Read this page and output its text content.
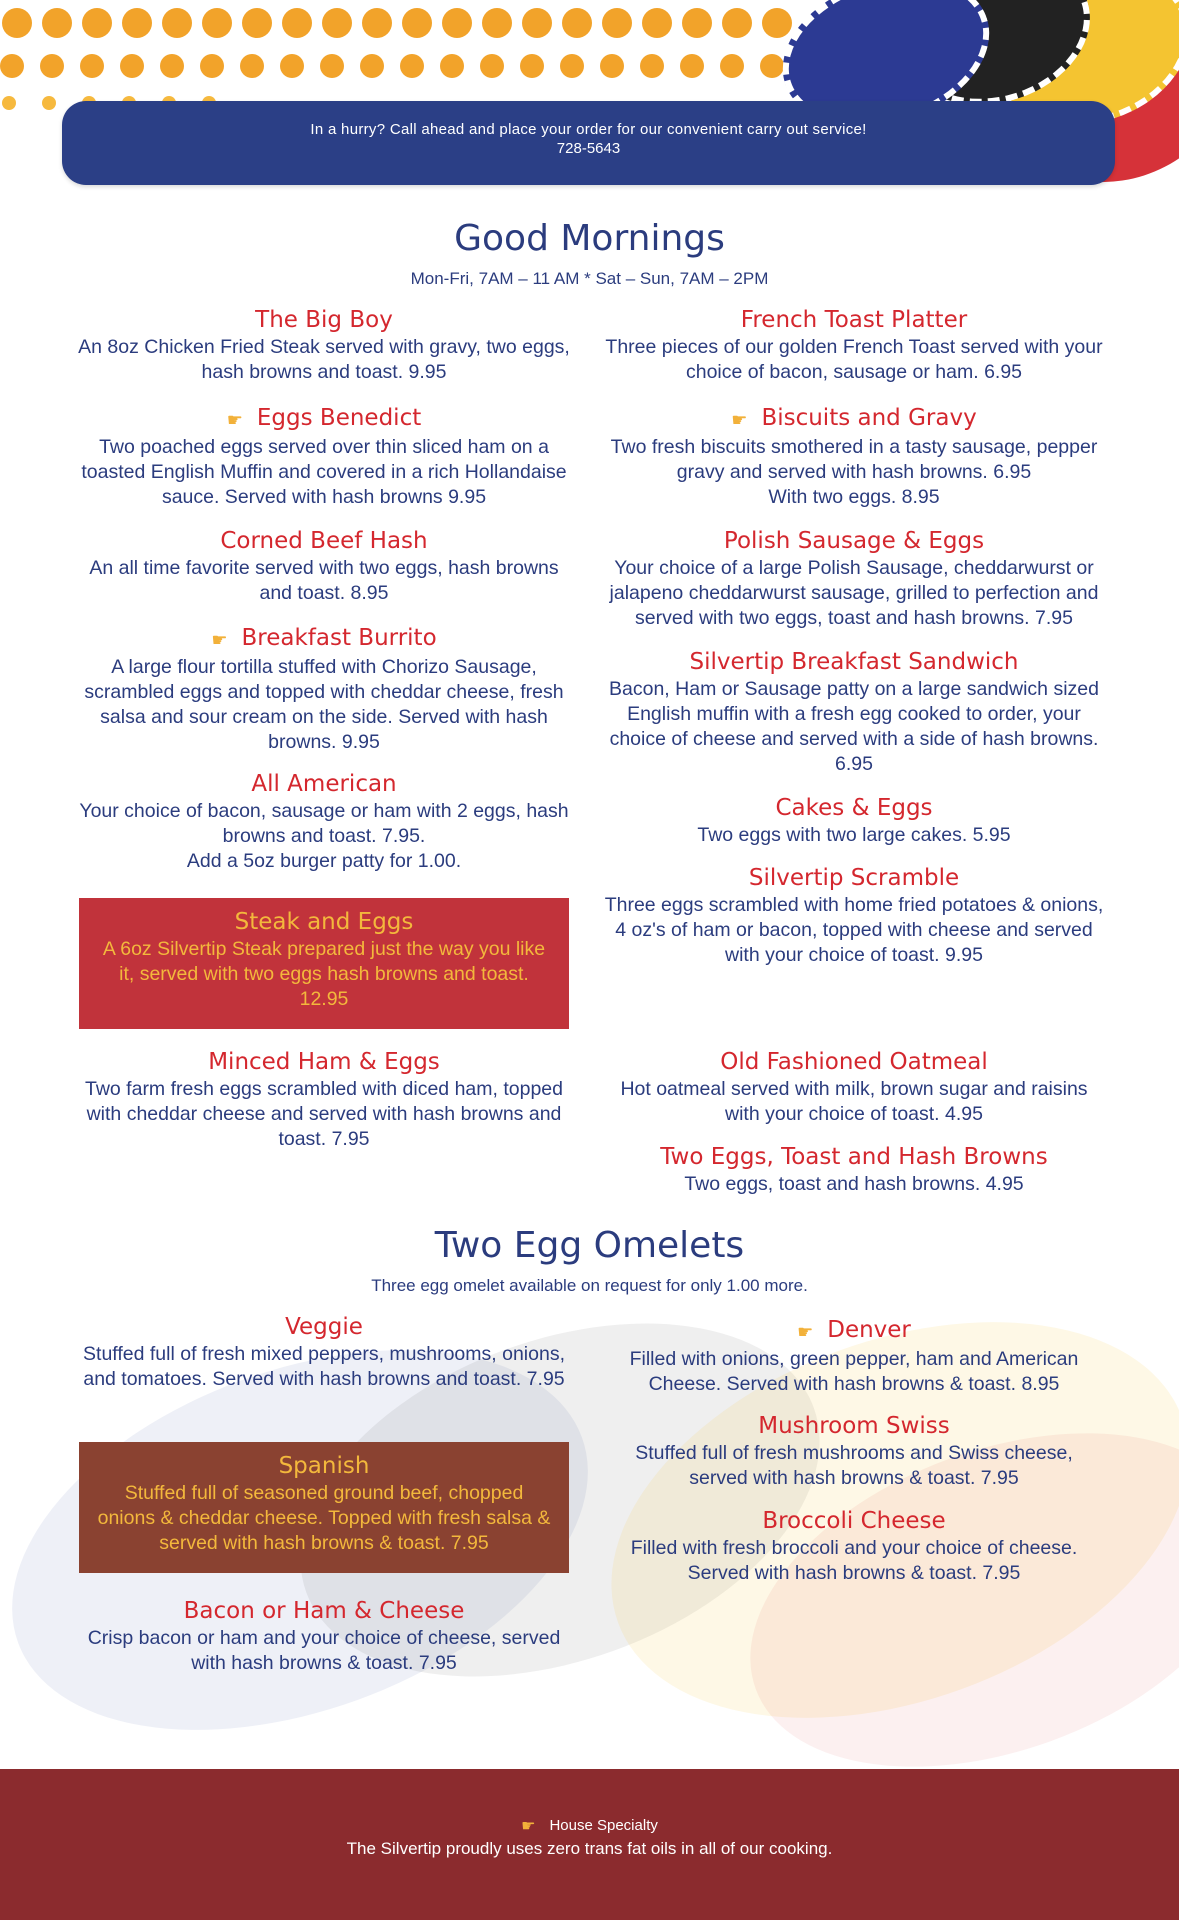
In a hurry? Call ahead and place your order for our convenient carry out service!
728-5643
Good Mornings
Mon-Fri, 7AM – 11 AM * Sat – Sun, 7AM – 2PM
The Big Boy
An 8oz Chicken Fried Steak served with gravy, two eggs, hash browns and toast. 9.95
☛ Eggs Benedict
Two poached eggs served over thin sliced ham on a toasted English Muffin and covered in a rich Hollandaise sauce. Served with hash browns 9.95
Corned Beef Hash
An all time favorite served with two eggs, hash browns and toast. 8.95
☛ Breakfast Burrito
A large flour tortilla stuffed with Chorizo Sausage, scrambled eggs and topped with cheddar cheese, fresh salsa and sour cream on the side. Served with hash browns. 9.95
All American
Your choice of bacon, sausage or ham with 2 eggs, hash browns and toast. 7.95.
Add a 5oz burger patty for 1.00.
Steak and Eggs
A 6oz Silvertip Steak prepared just the way you like it, served with two eggs hash browns and toast. 12.95
Minced Ham & Eggs
Two farm fresh eggs scrambled with diced ham, topped with cheddar cheese and served with hash browns and toast. 7.95
French Toast Platter
Three pieces of our golden French Toast served with your choice of bacon, sausage or ham. 6.95
☛ Biscuits and Gravy
Two fresh biscuits smothered in a tasty sausage, pepper gravy and served with hash browns. 6.95
With two eggs. 8.95
Polish Sausage & Eggs
Your choice of a large Polish Sausage, cheddarwurst or jalapeno cheddarwurst sausage, grilled to perfection and served with two eggs, toast and hash browns. 7.95
Silvertip Breakfast Sandwich
Bacon, Ham or Sausage patty on a large sandwich sized English muffin with a fresh egg cooked to order, your choice of cheese and served with a side of hash browns. 6.95
Cakes & Eggs
Two eggs with two large cakes. 5.95
Silvertip Scramble
Three eggs scrambled with home fried potatoes & onions, 4 oz's of ham or bacon, topped with cheese and served with your choice of toast. 9.95
Old Fashioned Oatmeal
Hot oatmeal served with milk, brown sugar and raisins with your choice of toast. 4.95
Two Eggs, Toast and Hash Browns
Two eggs, toast and hash browns. 4.95
Two Egg Omelets
Three egg omelet available on request for only 1.00 more.
Veggie
Stuffed full of fresh mixed peppers, mushrooms, onions, and tomatoes. Served with hash browns and toast. 7.95
Spanish
Stuffed full of seasoned ground beef, chopped onions & cheddar cheese. Topped with fresh salsa & served with hash browns & toast. 7.95
Bacon or Ham & Cheese
Crisp bacon or ham and your choice of cheese, served with hash browns & toast. 7.95
☛ Denver
Filled with onions, green pepper, ham and American Cheese. Served with hash browns & toast. 8.95
Mushroom Swiss
Stuffed full of fresh mushrooms and Swiss cheese, served with hash browns & toast. 7.95
Broccoli Cheese
Filled with fresh broccoli and your choice of cheese. Served with hash browns & toast. 7.95
☛ House Specialty
The Silvertip proudly uses zero trans fat oils in all of our cooking.
